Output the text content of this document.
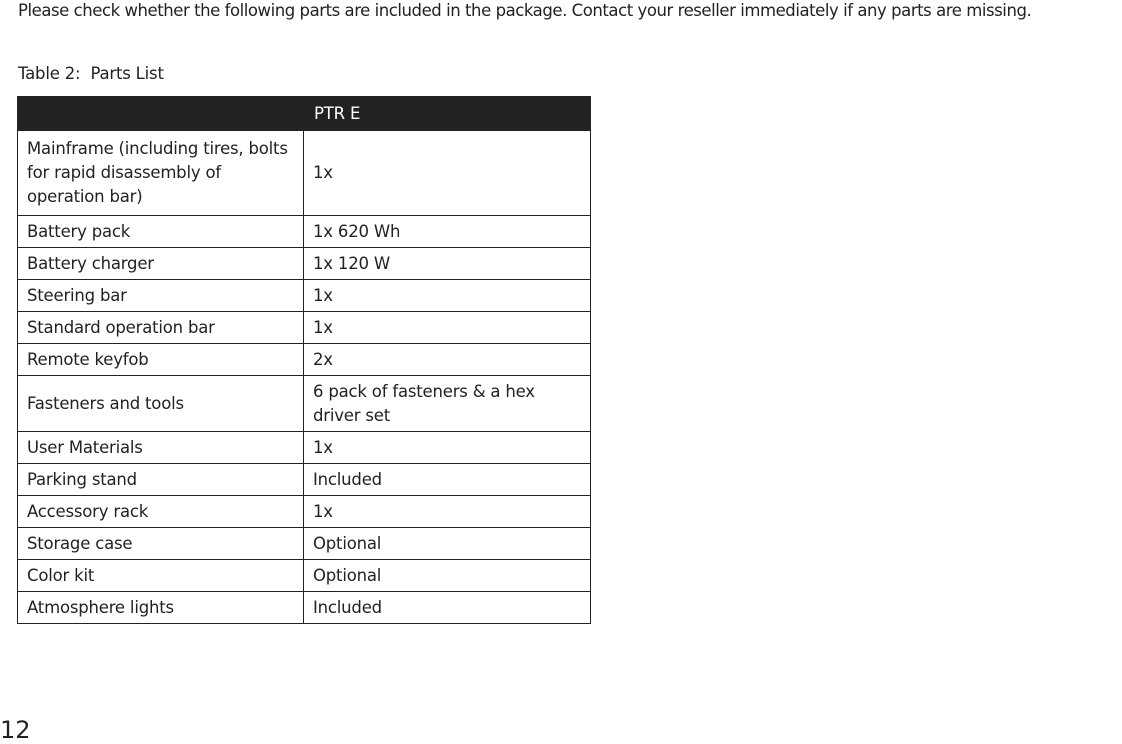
Please check whether the following parts are included in the package. Contact your reseller immediately if any parts are missing.
Table 2:  Parts List
	PTR E
Mainframe (including tires, bolts for rapid disassembly of operation bar)	1x
Battery pack	1x 620 Wh
Battery charger	1x 120 W
Steering bar	1x
Standard operation bar	1x
Remote keyfob	2x
Fasteners and tools	6 pack of fasteners & a hex driver set
User Materials	1x
Parking stand	Included
Accessory rack	1x
Storage case	Optional
Color kit	Optional
Atmosphere lights	Included
12
